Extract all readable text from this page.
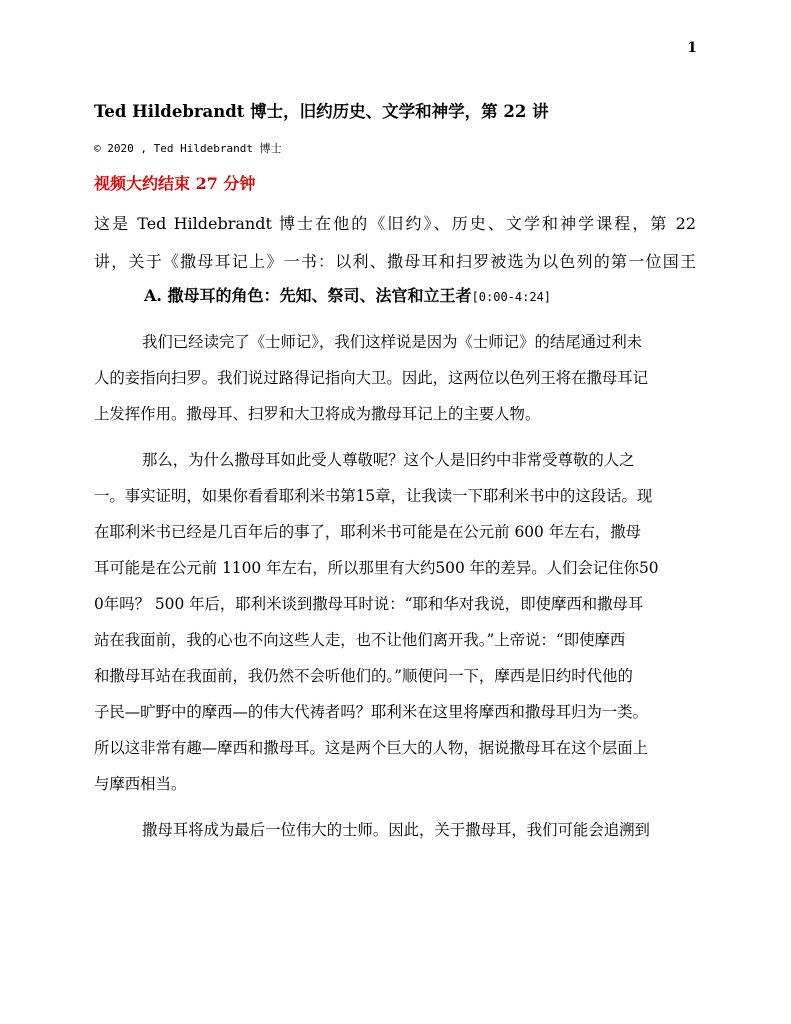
1
Ted Hildebrandt 博士，旧约历史、文学和神学，第 22 讲
© 2020 , Ted Hildebrandt 博士
视频大约结束 27 分钟
这是 Ted Hildebrandt 博士在他的《旧约》、历史、文学和神学课程，第 22
讲，关于《撒母耳记上》一书：以利、撒母耳和扫罗被选为以色列的第一位国王
A. 撒母耳的角色：先知、祭司、法官和立王者[0:00-4:24]
我们已经读完了《士师记》，我们这样说是因为《士师记》的结尾通过利未
人的妾指向扫罗。我们说过路得记指向大卫。因此，这两位以色列王将在撒母耳记
上发挥作用。撒母耳、扫罗和大卫将成为撒母耳记上的主要人物。
那么，为什么撒母耳如此受人尊敬呢？这个人是旧约中非常受尊敬的人之
一。事实证明，如果你看看耶利米书第15章，让我读一下耶利米书中的这段话。现
在耶利米书已经是几百年后的事了，耶利米书可能是在公元前 600 年左右，撒母
耳可能是在公元前 1100 年左右，所以那里有大约500 年的差异。人们会记住你50
0年吗？ 500 年后，耶利米谈到撒母耳时说：“耶和华对我说，即使摩西和撒母耳
站在我面前，我的心也不向这些人走，也不让他们离开我。”上帝说：“即使摩西
和撒母耳站在我面前，我仍然不会听他们的。”顺便问一下，摩西是旧约时代他的
子民—旷野中的摩西—的伟大代祷者吗？耶利米在这里将摩西和撒母耳归为一类。
所以这非常有趣—摩西和撒母耳。这是两个巨大的人物，据说撒母耳在这个层面上
与摩西相当。
撒母耳将成为最后一位伟大的士师。因此，关于撒母耳，我们可能会追溯到
